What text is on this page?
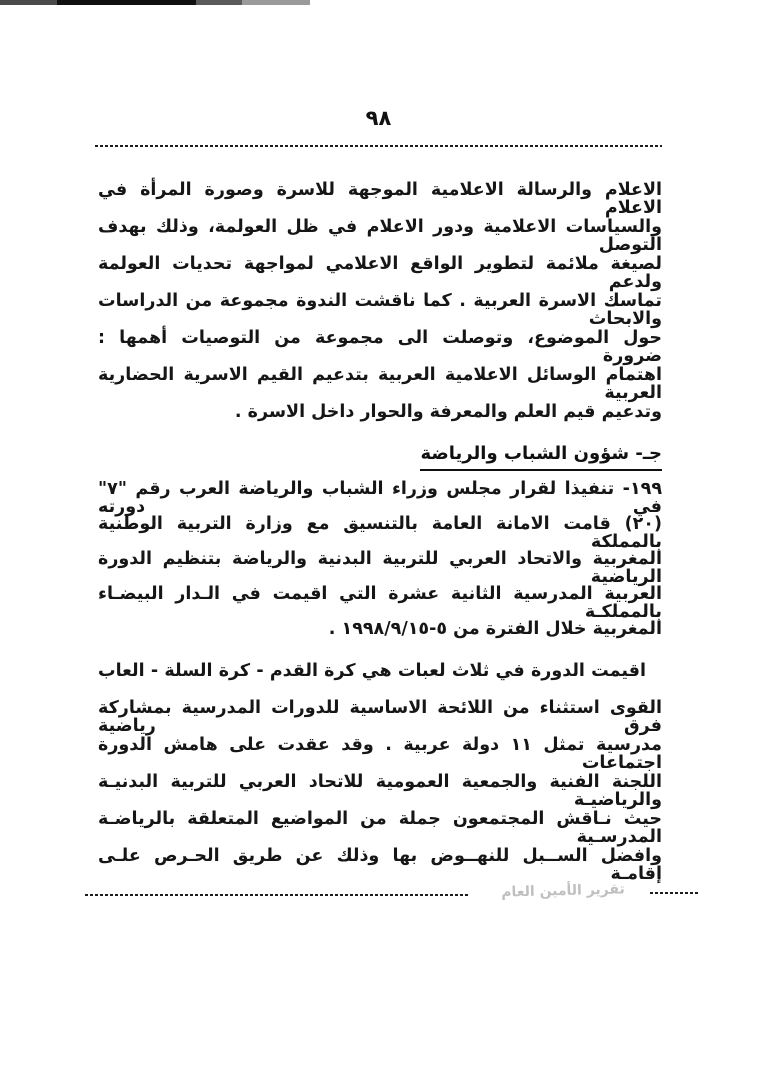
٩٨
الاعلام والرسالة الاعلامية الموجهة للاسرة وصورة المرأة في الاعلام
والسياسات الاعلامية ودور الاعلام في ظل العولمة، وذلك بهدف التوصل
لصيغة ملائمة لتطوير الواقع الاعلامي لمواجهة تحديات العولمة ولدعم
تماسك الاسرة العربية . كما ناقشت الندوة مجموعة من الدراسات والابحاث
حول الموضوع، وتوصلت الى مجموعة من التوصيات أهمها : ضرورة
اهتمام الوسائل الاعلامية العربية بتدعيم القيم الاسرية الحضارية العربية
وتدعيم قيم العلم والمعرفة والحوار داخل الاسرة .
جـ- شؤون الشباب والرياضة
١٩٩- تنفيذا لقرار مجلس وزراء الشباب والرياضة العرب رقم "٧" في دورته
(٢٠) قامت الامانة العامة بالتنسيق مع وزارة التربية الوطنية بالمملكة
المغربية والاتحاد العربي للتربية البدنية والرياضة بتنظيم الدورة الرياضية
العربية المدرسية الثانية عشرة التي اقيمت في الـدار البيضـاء بالمملكـة
المغربية خلال الفترة من ٥-١٩٩٨/٩/١٥ .
اقيمت الدورة في ثلاث لعبات هي كرة القدم - كرة السلة - العاب
القوى استثناء من اللائحة الاساسية للدورات المدرسية بمشاركة فرق رياضية
مدرسية تمثل ١١ دولة عربية . وقد عقدت على هامش الدورة اجتماعات
اللجنة الفنية والجمعية العمومية للاتحاد العربي للتربية البدنيـة والرياضيـة
حيث نـاقش المجتمعون جملة من المواضيع المتعلقة بالرياضـة المدرسـية
وافضل الســبل للنهــوض بها وذلك عن طريق الحـرص علـى إقامـة
تقرير الأمين العام
